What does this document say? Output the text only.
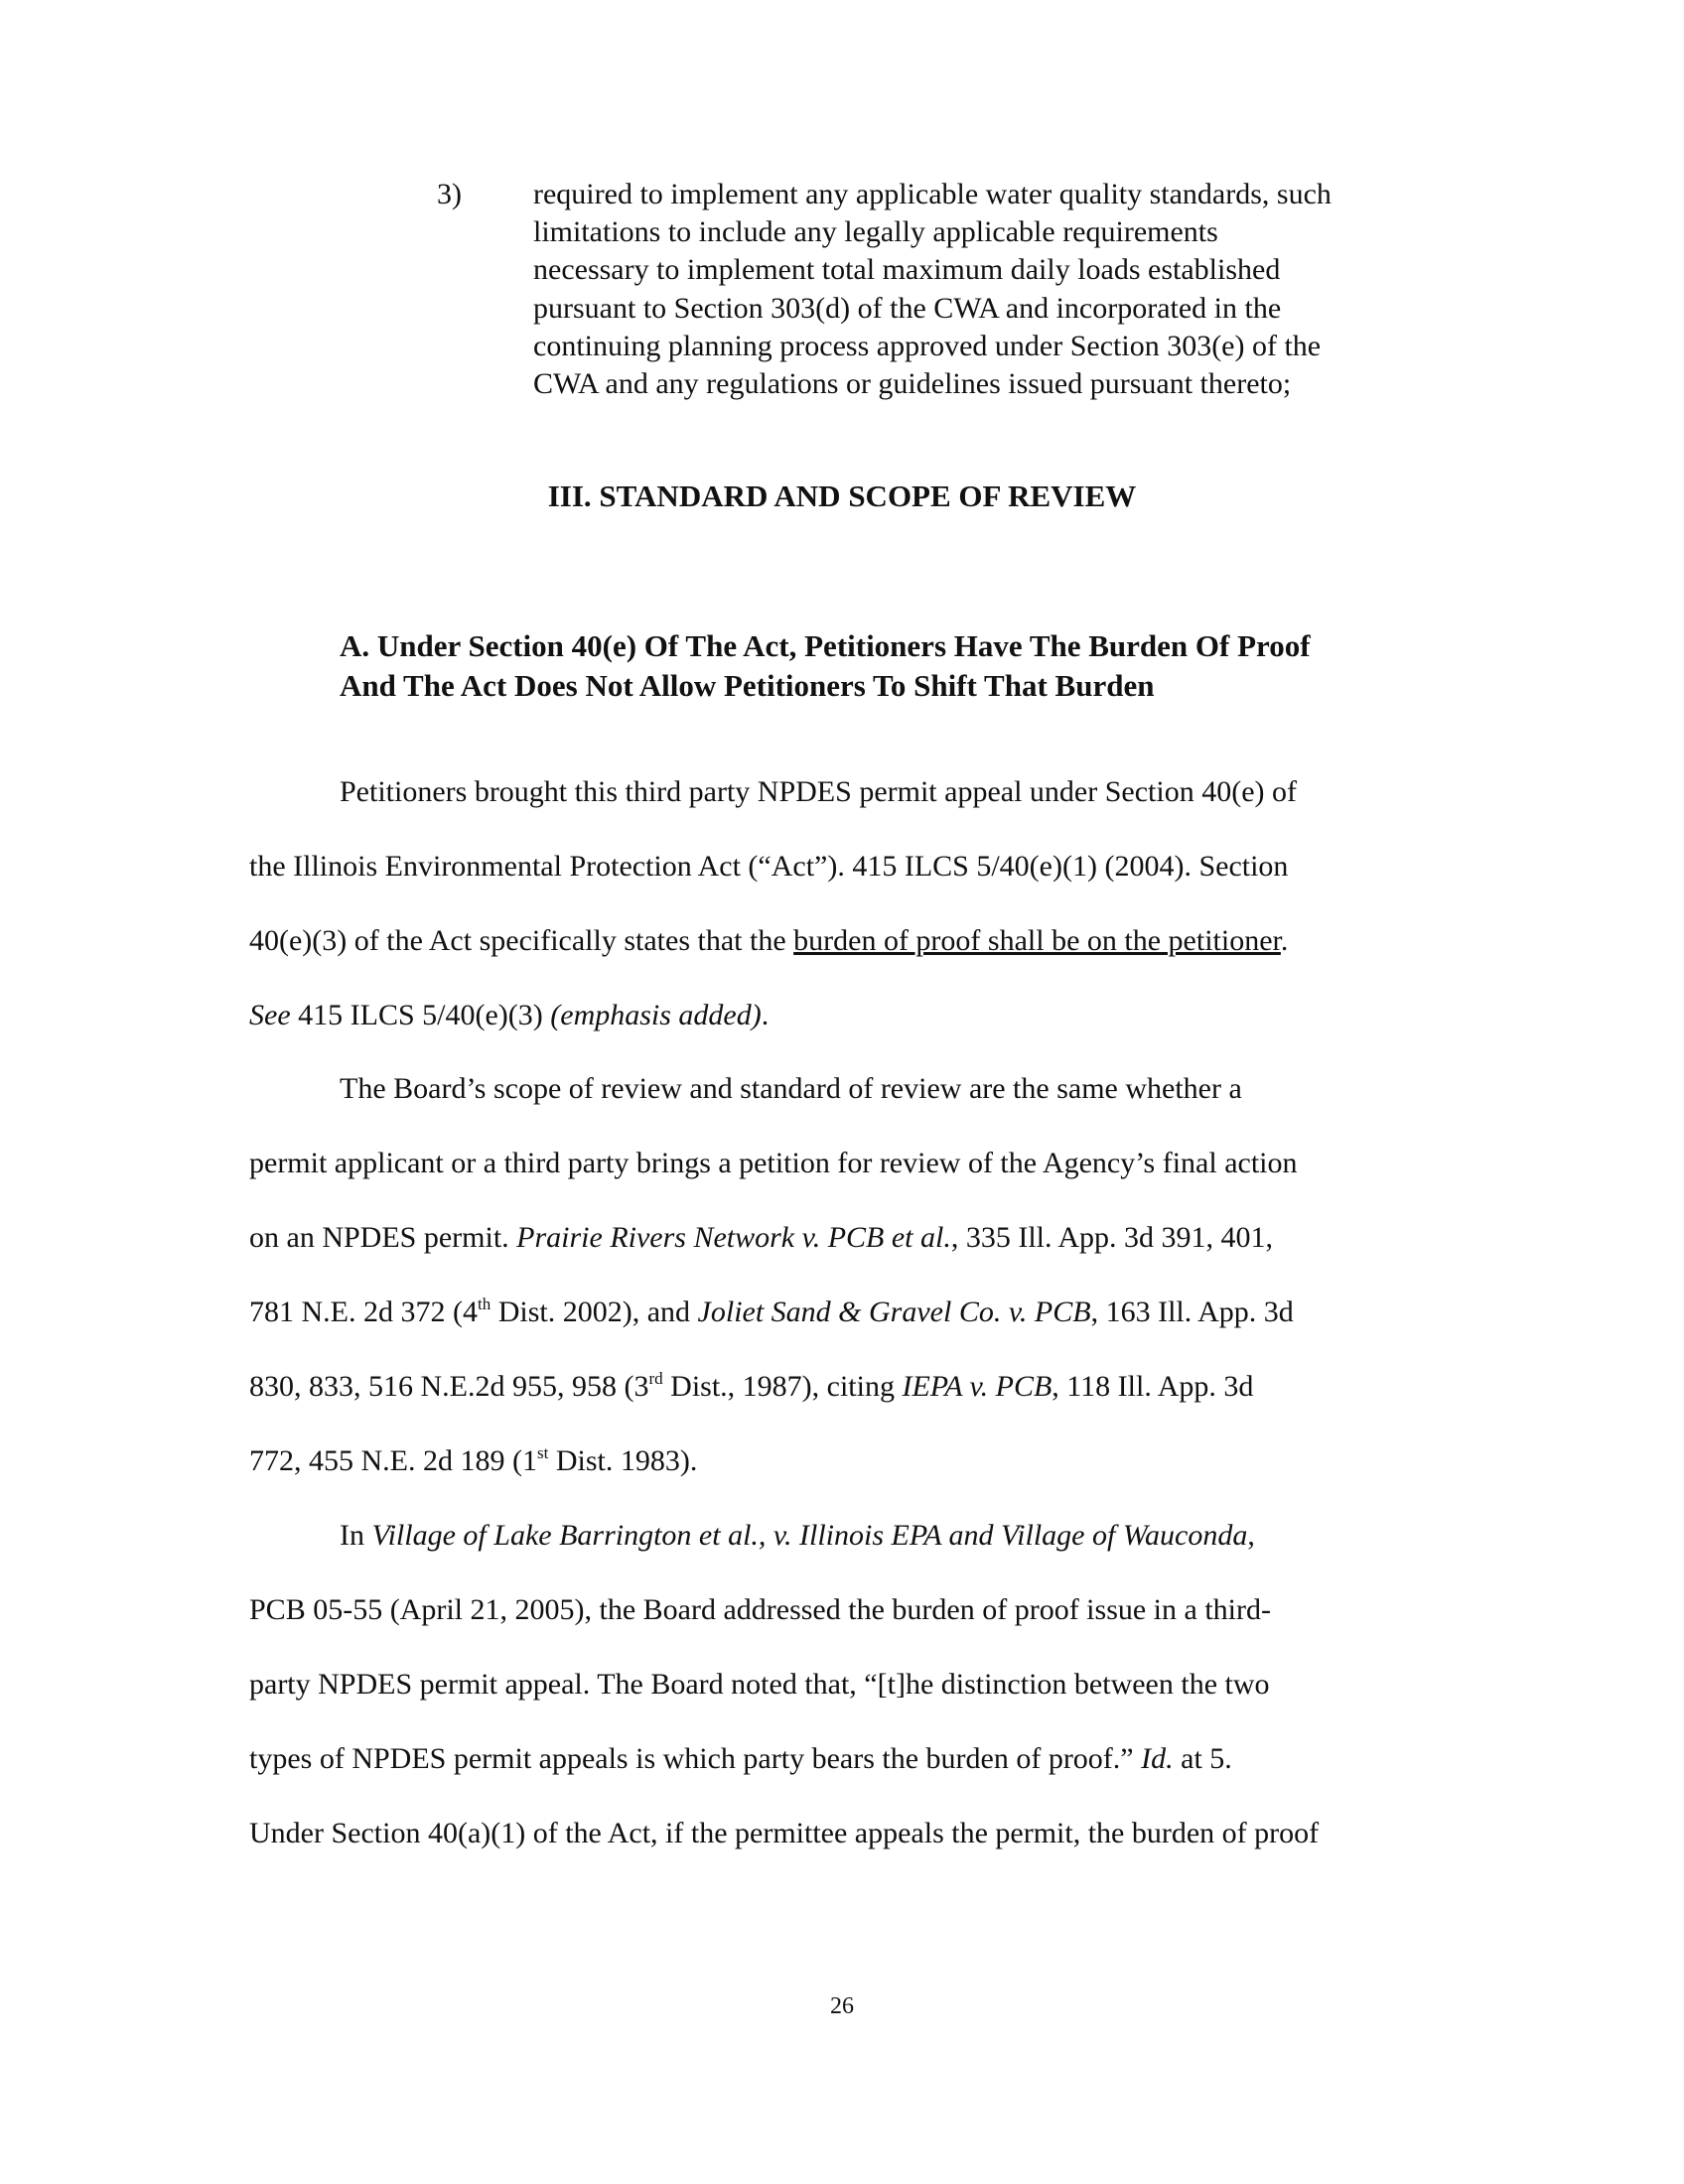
3)	required to implement any applicable water quality standards, such
limitations to include any legally applicable requirements
necessary to implement total maximum daily loads established
pursuant to Section 303(d) of the CWA and incorporated in the
continuing planning process approved under Section 303(e) of the
CWA and any regulations or guidelines issued pursuant thereto;
III. STANDARD AND SCOPE OF REVIEW
A. Under Section 40(e) Of The Act, Petitioners Have The Burden Of Proof
And The Act Does Not Allow Petitioners To Shift That Burden
Petitioners brought this third party NPDES permit appeal under Section 40(e) of
the Illinois Environmental Protection Act (“Act”). 415 ILCS 5/40(e)(1) (2004). Section
40(e)(3) of the Act specifically states that the burden of proof shall be on the petitioner.
See 415 ILCS 5/40(e)(3) (emphasis added).
The Board’s scope of review and standard of review are the same whether a
permit applicant or a third party brings a petition for review of the Agency’s final action
on an NPDES permit. Prairie Rivers Network v. PCB et al., 335 Ill. App. 3d 391, 401,
781 N.E. 2d 372 (4th Dist. 2002), and Joliet Sand & Gravel Co. v. PCB, 163 Ill. App. 3d
830, 833, 516 N.E.2d 955, 958 (3rd Dist., 1987), citing IEPA v. PCB, 118 Ill. App. 3d
772, 455 N.E. 2d 189 (1st Dist. 1983).
In Village of Lake Barrington et al., v. Illinois EPA and Village of Wauconda,
PCB 05-55 (April 21, 2005), the Board addressed the burden of proof issue in a third-
party NPDES permit appeal. The Board noted that, “[t]he distinction between the two
types of NPDES permit appeals is which party bears the burden of proof.” Id. at 5.
Under Section 40(a)(1) of the Act, if the permittee appeals the permit, the burden of proof
26
